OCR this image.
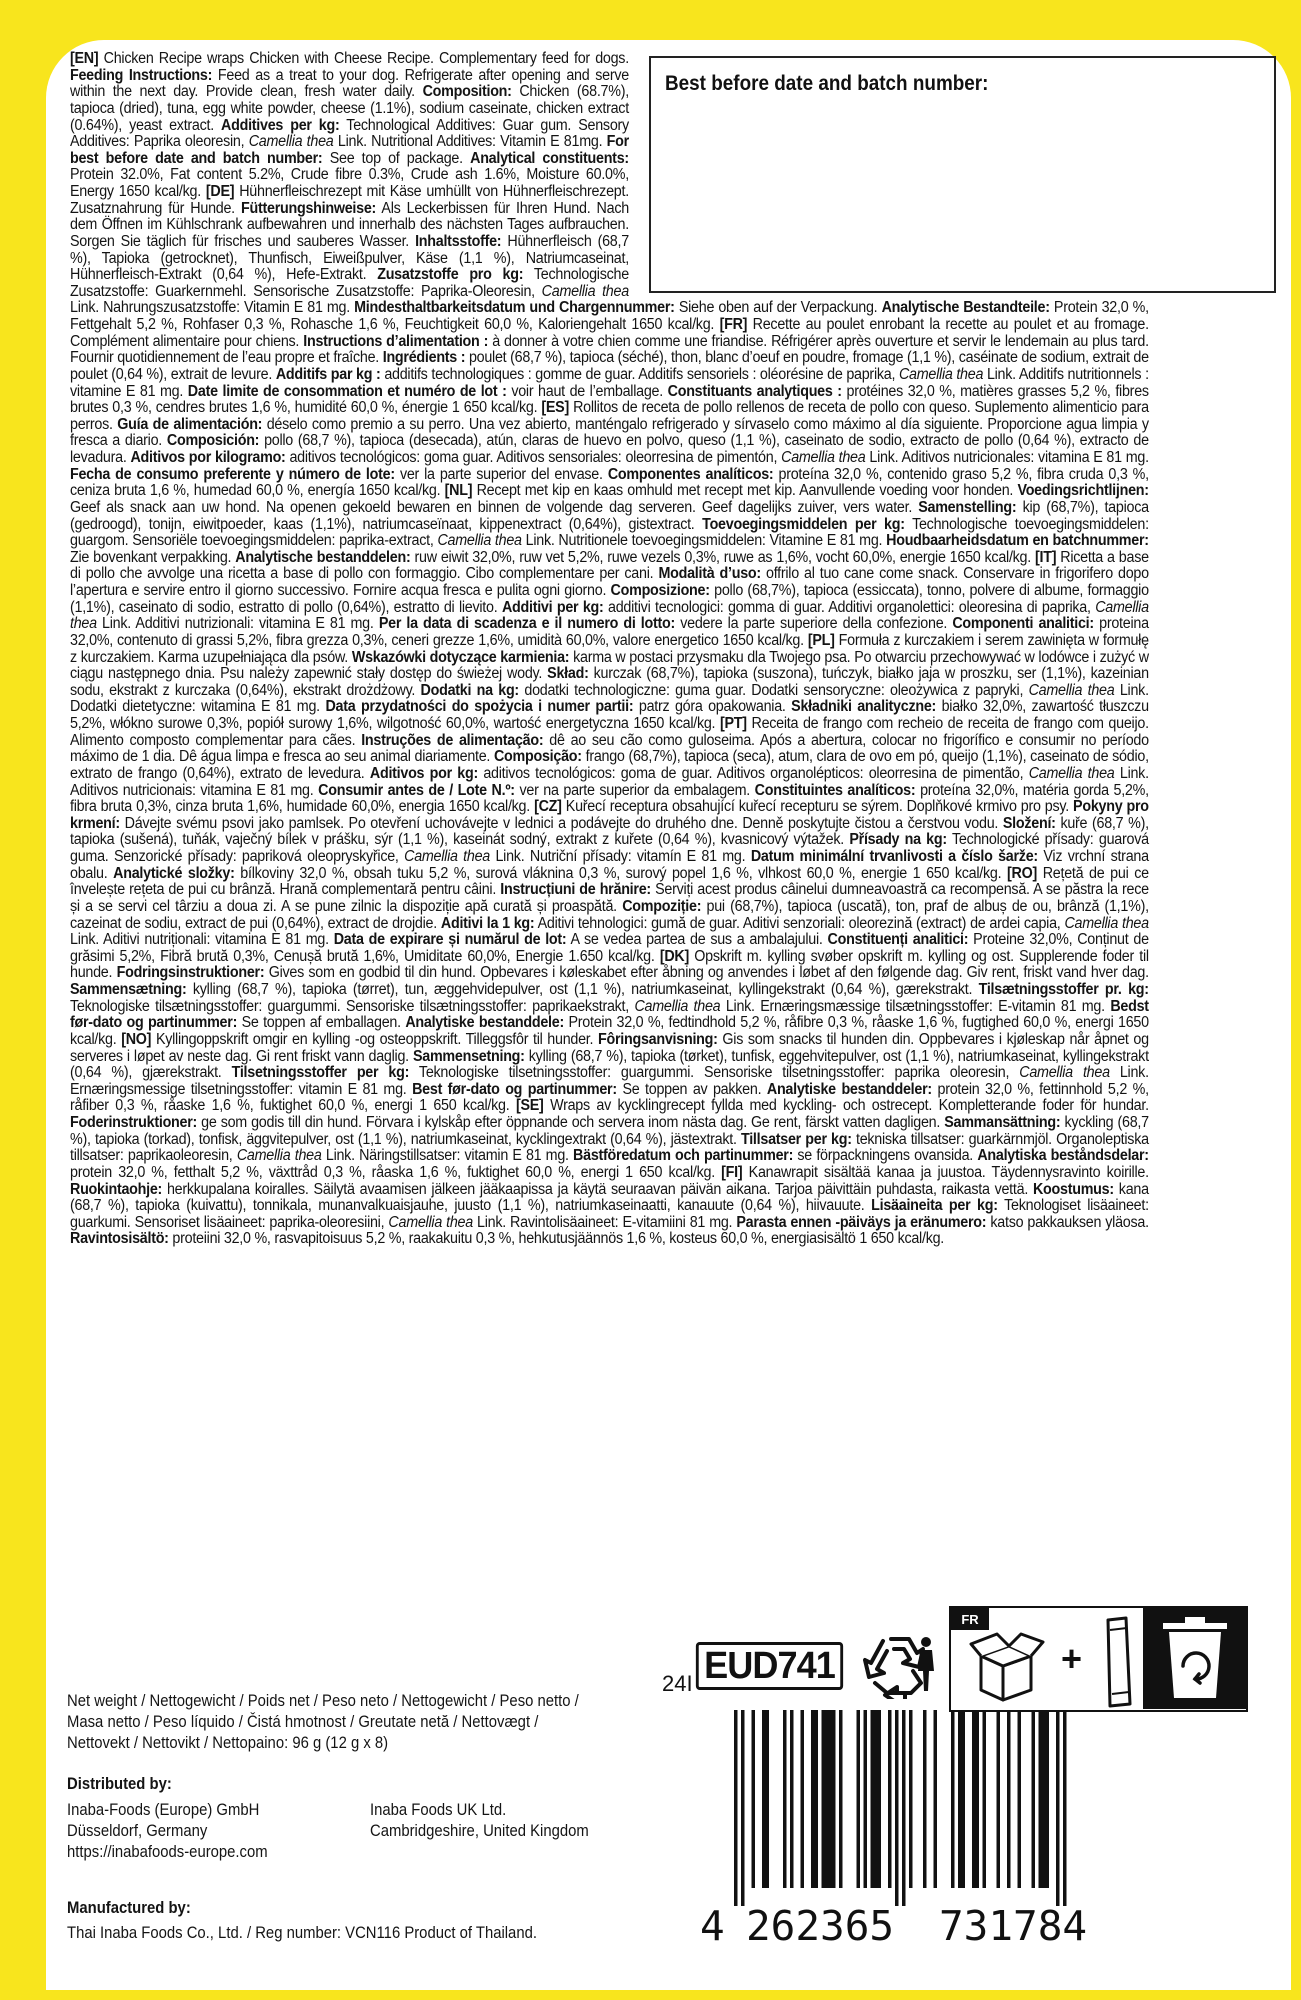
[EN] Chicken Recipe wraps Chicken with Cheese Recipe. Complementary feed for dogs. Feeding Instructions: Feed as a treat to your dog. Refrigerate after opening and serve within the next day. Provide clean, fresh water daily. Composition: Chicken (68.7%), tapioca (dried), tuna, egg white powder, cheese (1.1%), sodium caseinate, chicken extract (0.64%), yeast extract. Additives per kg: Technological Additives: Guar gum. Sensory Additives: Paprika oleoresin, Camellia thea Link. Nutritional Additives: Vitamin E 81mg. For best before date and batch number: See top of package. Analytical constituents: Protein 32.0%, Fat content 5.2%, Crude fibre 0.3%, Crude ash 1.6%, Moisture 60.0%, Energy 1650 kcal/kg. [DE] Hühnerfleischrezept mit Käse umhüllt von Hühnerfleischrezept. Zusatznahrung für Hunde. Fütterungshinweise: Als Leckerbissen für Ihren Hund. Nach dem Öffnen im Kühlschrank aufbewahren und innerhalb des nächsten Tages aufbrauchen. Sorgen Sie täglich für frisches und sauberes Wasser. Inhaltsstoffe: Hühnerfleisch (68,7 %), Tapioka (getrocknet), Thunfisch, Eiweißpulver, Käse (1,1 %), Natriumcaseinat, Hühnerfleisch-Extrakt (0,64 %), Hefe-Extrakt. Zusatzstoffe pro kg: Technologische Zusatzstoffe: Guarkernmehl. Sensorische Zusatzstoffe: Paprika-Oleoresin, Camellia thea Link. Nahrungszusatzstoffe: Vitamin E 81 mg. Mindesthaltbarkeitsdatum und Chargennummer: Siehe oben auf der Verpackung. Analytische Bestandteile: Protein 32,0 %, Fettgehalt 5,2 %, Rohfaser 0,3 %, Rohasche 1,6 %, Feuchtigkeit 60,0 %, Kaloriengehalt 1650 kcal/kg. [FR] Recette au poulet enrobant la recette au poulet et au fromage. Complément alimentaire pour chiens. Instructions d’alimentation : à donner à votre chien comme une friandise. Réfrigérer après ouverture et servir le lendemain au plus tard. Fournir quotidiennement de l’eau propre et fraîche. Ingrédients : poulet (68,7 %), tapioca (séché), thon, blanc d’oeuf en poudre, fromage (1,1 %), caséinate de sodium, extrait de poulet (0,64 %), extrait de levure. Additifs par kg : additifs technologiques : gomme de guar. Additifs sensoriels : oléorésine de paprika, Camellia thea Link. Additifs nutritionnels : vitamine E 81 mg. Date limite de consommation et numéro de lot : voir haut de l’emballage. Constituants analytiques : protéines 32,0 %, matières grasses 5,2 %, fibres brutes 0,3 %, cendres brutes 1,6 %, humidité 60,0 %, énergie 1 650 kcal/kg. [ES] Rollitos de receta de pollo rellenos de receta de pollo con queso. Suplemento alimenticio para perros. Guía de alimentación: déselo como premio a su perro. Una vez abierto, manténgalo refrigerado y sírvaselo como máximo al día siguiente. Proporcione agua limpia y fresca a diario. Composición: pollo (68,7 %), tapioca (desecada), atún, claras de huevo en polvo, queso (1,1 %), caseinato de sodio, extracto de pollo (0,64 %), extracto de levadura. Aditivos por kilogramo: aditivos tecnológicos: goma guar. Aditivos sensoriales: oleorresina de pimentón, Camellia thea Link. Aditivos nutricionales: vitamina E 81 mg. Fecha de consumo preferente y número de lote: ver la parte superior del envase. Componentes analíticos: proteína 32,0 %, contenido graso 5,2 %, fibra cruda 0,3 %, ceniza bruta 1,6 %, humedad 60,0 %, energía 1650 kcal/kg. [NL] Recept met kip en kaas omhuld met recept met kip. Aanvullende voeding voor honden. Voedingsrichtlijnen: Geef als snack aan uw hond. Na openen gekoeld bewaren en binnen de volgende dag serveren. Geef dagelijks zuiver, vers water. Samenstelling: kip (68,7%), tapioca (gedroogd), tonijn, eiwitpoeder, kaas (1,1%), natriumcaseïnaat, kippenextract (0,64%), gistextract. Toevoegingsmiddelen per kg: Technologische toevoegingsmiddelen: guargom. Sensoriële toevoegingsmiddelen: paprika-extract, Camellia thea Link. Nutritionele toevoegingsmiddelen: Vitamine E 81 mg. Houdbaarheidsdatum en batchnummer: Zie bovenkant verpakking. Analytische bestanddelen: ruw eiwit 32,0%, ruw vet 5,2%, ruwe vezels 0,3%, ruwe as 1,6%, vocht 60,0%, energie 1650 kcal/kg. [IT] Ricetta a base di pollo che avvolge una ricetta a base di pollo con formaggio. Cibo complementare per cani. Modalità d’uso: offrilo al tuo cane come snack. Conservare in frigorifero dopo l’apertura e servire entro il giorno successivo. Fornire acqua fresca e pulita ogni giorno. Composizione: pollo (68,7%), tapioca (essiccata), tonno, polvere di albume, formaggio (1,1%), caseinato di sodio, estratto di pollo (0,64%), estratto di lievito. Additivi per kg: additivi tecnologici: gomma di guar. Additivi organolettici: oleoresina di paprika, Camellia thea Link. Additivi nutrizionali: vitamina E 81 mg. Per la data di scadenza e il numero di lotto: vedere la parte superiore della confezione. Componenti analitici: proteina 32,0%, contenuto di grassi 5,2%, fibra grezza 0,3%, ceneri grezze 1,6%, umidità 60,0%, valore energetico 1650 kcal/kg. [PL] Formuła z kurczakiem i serem zawinięta w formułę z kurczakiem. Karma uzupełniająca dla psów. Wskazówki dotyczące karmienia: karma w postaci przysmaku dla Twojego psa. Po otwarciu przechowywać w lodówce i zużyć w ciągu następnego dnia. Psu należy zapewnić stały dostęp do świeżej wody. Skład: kurczak (68,7%), tapioka (suszona), tuńczyk, białko jaja w proszku, ser (1,1%), kazeinian sodu, ekstrakt z kurczaka (0,64%), ekstrakt drożdżowy. Dodatki na kg: dodatki technologiczne: guma guar. Dodatki sensoryczne: oleożywica z papryki, Camellia thea Link. Dodatki dietetyczne: witamina E 81 mg. Data przydatności do spożycia i numer partii: patrz góra opakowania. Składniki analityczne: białko 32,0%, zawartość tłuszczu 5,2%, włókno surowe 0,3%, popiół surowy 1,6%, wilgotność 60,0%, wartość energetyczna 1650 kcal/kg. [PT] Receita de frango com recheio de receita de frango com queijo. Alimento composto complementar para cães. Instruções de alimentação: dê ao seu cão como guloseima. Após a abertura, colocar no frigorífico e consumir no período máximo de 1 dia. Dê água limpa e fresca ao seu animal diariamente. Composição: frango (68,7%), tapioca (seca), atum, clara de ovo em pó, queijo (1,1%), caseinato de sódio, extrato de frango (0,64%), extrato de levedura. Aditivos por kg: aditivos tecnológicos: goma de guar. Aditivos organolépticos: oleorresina de pimentão, Camellia thea Link. Aditivos nutricionais: vitamina E 81 mg. Consumir antes de / Lote N.º: ver na parte superior da embalagem. Constituintes analíticos: proteína 32,0%, matéria gorda 5,2%, fibra bruta 0,3%, cinza bruta 1,6%, humidade 60,0%, energia 1650 kcal/kg. [CZ] Kuřecí receptura obsahující kuřecí recepturu se sýrem. Doplňkové krmivo pro psy. Pokyny pro krmení: Dávejte svému psovi jako pamlsek. Po otevření uchovávejte v lednici a podávejte do druhého dne. Denně poskytujte čistou a čerstvou vodu. Složení: kuře (68,7 %), tapioka (sušená), tuňák, vaječný bílek v prášku, sýr (1,1 %), kaseinát sodný, extrakt z kuřete (0,64 %), kvasnicový výtažek. Přísady na kg: Technologické přísady: guarová guma. Senzorické přísady: papriková oleopryskyřice, Camellia thea Link. Nutriční přísady: vitamín E 81 mg. Datum minimální trvanlivosti a číslo šarže: Viz vrchní strana obalu. Analytické složky: bílkoviny 32,0 %, obsah tuku 5,2 %, surová vláknina 0,3 %, surový popel 1,6 %, vlhkost 60,0 %, energie 1 650 kcal/kg. [RO] Rețetă de pui ce învelește rețeta de pui cu brânză. Hrană complementară pentru câini. Instrucțiuni de hrănire: Serviți acest produs câinelui dumneavoastră ca recompensă. A se păstra la rece și a se servi cel târziu a doua zi. A se pune zilnic la dispoziție apă curată și proaspătă. Compoziție: pui (68,7%), tapioca (uscată), ton, praf de albuș de ou, brânză (1,1%), cazeinat de sodiu, extract de pui (0,64%), extract de drojdie. Aditivi la 1 kg: Aditivi tehnologici: gumă de guar. Aditivi senzoriali: oleorezină (extract) de ardei capia, Camellia thea Link. Aditivi nutriționali: vitamina E 81 mg. Data de expirare și numărul de lot: A se vedea partea de sus a ambalajului. Constituenți analitici: Proteine 32,0%, Conținut de grăsimi 5,2%, Fibră brută 0,3%, Cenușă brută 1,6%, Umiditate 60,0%, Energie 1.650 kcal/kg. [DK] Opskrift m. kylling svøber opskrift m. kylling og ost. Supplerende foder til hunde. Fodringsinstruktioner: Gives som en godbid til din hund. Opbevares i køleskabet efter åbning og anvendes i løbet af den følgende dag. Giv rent, friskt vand hver dag. Sammensætning: kylling (68,7 %), tapioka (tørret), tun, æggehvidepulver, ost (1,1 %), natriumkaseinat, kyllingekstrakt (0,64 %), gærekstrakt. Tilsætningsstoffer pr. kg: Teknologiske tilsætningsstoffer: guargummi. Sensoriske tilsætningsstoffer: paprikaekstrakt, Camellia thea Link. Ernæringsmæssige tilsætningsstoffer: E-vitamin 81 mg. Bedst før-dato og partinummer: Se toppen af emballagen. Analytiske bestanddele: Protein 32,0 %, fedtindhold 5,2 %, råfibre 0,3 %, råaske 1,6 %, fugtighed 60,0 %, energi 1650 kcal/kg. [NO] Kyllingoppskrift omgir en kylling -og osteoppskrift. Tilleggsfôr til hunder. Fôringsanvisning: Gis som snacks til hunden din. Oppbevares i kjøleskap når åpnet og serveres i løpet av neste dag. Gi rent friskt vann daglig. Sammensetning: kylling (68,7 %), tapioka (tørket), tunfisk, eggehvitepulver, ost (1,1 %), natriumkaseinat, kyllingekstrakt (0,64 %), gjærekstrakt. Tilsetningsstoffer per kg: Teknologiske tilsetningsstoffer: guargummi. Sensoriske tilsetningsstoffer: paprika oleoresin, Camellia thea Link. Ernæringsmessige tilsetningsstoffer: vitamin E 81 mg. Best før-dato og partinummer: Se toppen av pakken. Analytiske bestanddeler: protein 32,0 %, fettinnhold 5,2 %, råfiber 0,3 %, råaske 1,6 %, fuktighet 60,0 %, energi 1 650 kcal/kg. [SE] Wraps av kycklingrecept fyllda med kyckling- och ostrecept. Kompletterande foder för hundar. Foderinstruktioner: ge som godis till din hund. Förvara i kylskåp efter öppnande och servera inom nästa dag. Ge rent, färskt vatten dagligen. Sammansättning: kyckling (68,7 %), tapioka (torkad), tonfisk, äggvitepulver, ost (1,1 %), natriumkaseinat, kycklingextrakt (0,64 %), jästextrakt. Tillsatser per kg: tekniska tillsatser: guarkärnmjöl. Organoleptiska tillsatser: paprikaoleoresin, Camellia thea Link. Näringstillsatser: vitamin E 81 mg. Bästföredatum och partinummer: se förpackningens ovansida. Analytiska beståndsdelar: protein 32,0 %, fetthalt 5,2 %, växttråd 0,3 %, råaska 1,6 %, fuktighet 60,0 %, energi 1 650 kcal/kg. [FI] Kanawrapit sisältää kanaa ja juustoa. Täydennysravinto koirille. Ruokintaohje: herkkupalana koiralles. Säilytä avaamisen jälkeen jääkaapissa ja käytä seuraavan päivän aikana. Tarjoa päivittäin puhdasta, raikasta vettä. Koostumus: kana (68,7 %), tapioka (kuivattu), tonnikala, munanvalkuaisjauhe, juusto (1,1 %), natriumkaseinaatti, kanauute (0,64 %), hiivauute. Lisäaineita per kg: Teknologiset lisäaineet: guarkumi. Sensoriset lisäaineet: paprika-oleoresiini, Camellia thea Link. Ravintolisäaineet: E-vitamiini 81 mg. Parasta ennen -päiväys ja eränumero: katso pakkauksen yläosa. Ravintosisältö: proteiini 32,0 %, rasvapitoisuus 5,2 %, raakakuitu 0,3 %, hehkutusjäännös 1,6 %, kosteus 60,0 %, energiasisältö 1 650 kcal/kg.
Best before date and batch number:
Net weight / Nettogewicht / Poids net / Peso neto / Nettogewicht / Peso netto / Masa netto / Peso líquido / Čistá hmotnost / Greutate netă / Nettovægt / Nettovekt / Nettovikt / Nettopaino: 96 g (12 g x 8)
Distributed by:
Inaba-Foods (Europe) GmbH
Düsseldorf, Germany
https://inabafoods-europe.com
Inaba Foods UK Ltd.
Cambridgeshire, United Kingdom
Manufactured by:
Thai Inaba Foods Co., Ltd. / Reg number: VCN116 Product of Thailand.
24I EUD741
FR
+
4 262365 731784
